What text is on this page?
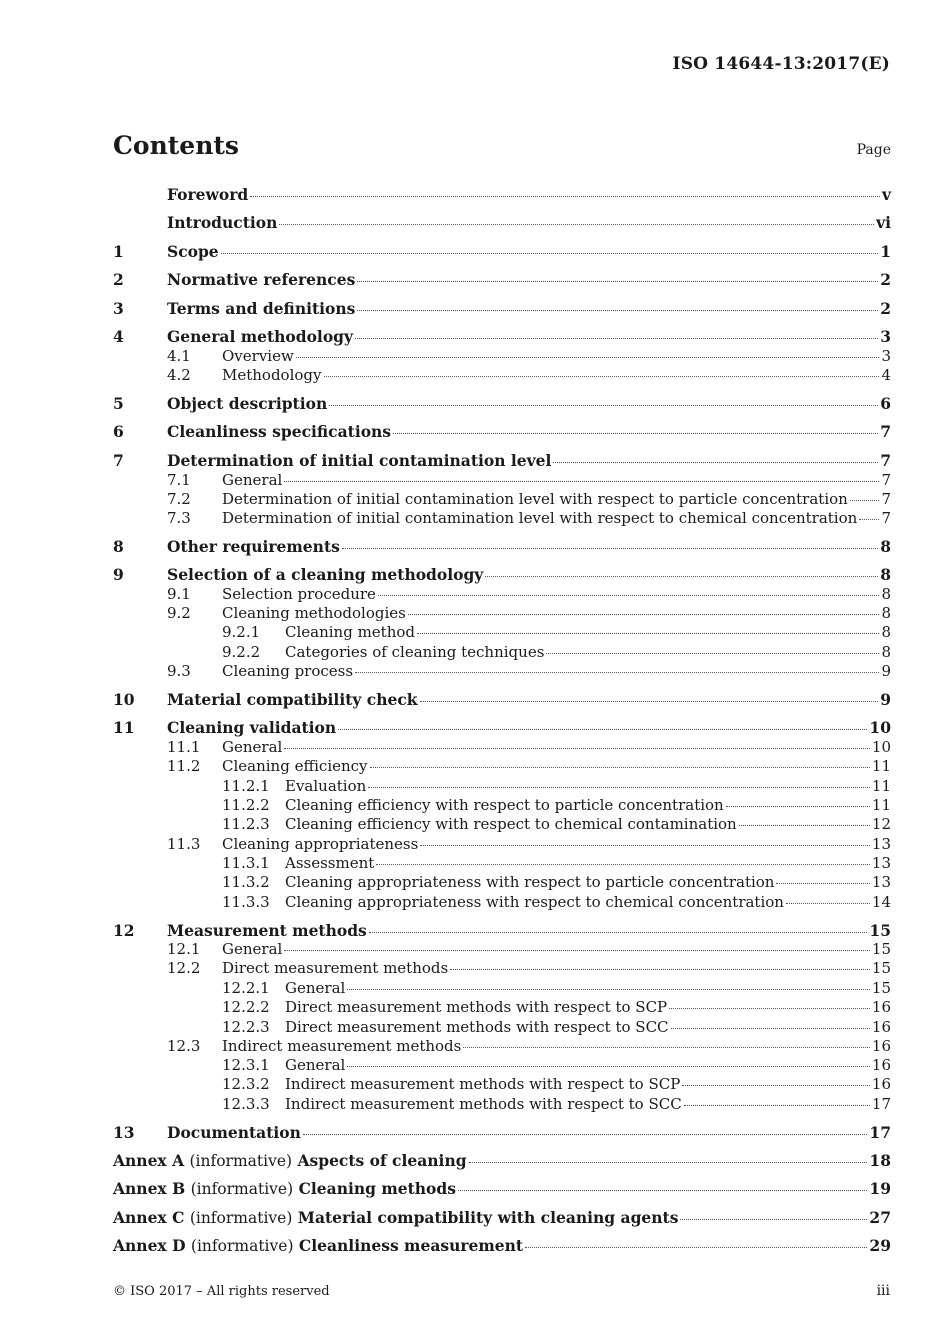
ISO 14644-13:2017(E)
Contents	Page
Foreword	v
Introduction	vi
1	Scope	1
2	Normative references	2
3	Terms and definitions	2
4	General methodology	3
4.1	Overview	3
4.2	Methodology	4
5	Object description	6
6	Cleanliness specifications	7
7	Determination of initial contamination level	7
7.1	General	7
7.2	Determination of initial contamination level with respect to particle concentration 7
7.3	Determination of initial contamination level with respect to chemical concentration 7
8	Other requirements	8
9	Selection of a cleaning methodology	8
9.1	Selection procedure	8
9.2	Cleaning methodologies	8
9.2.1	Cleaning method	8
9.2.2	Categories of cleaning techniques	8
9.3	Cleaning process	9
10	Material compatibility check	9
11	Cleaning validation	10
11.1	General	10
11.2	Cleaning efficiency	11
11.2.1	Evaluation	11
11.2.2	Cleaning efficiency with respect to particle concentration	11
11.2.3	Cleaning efficiency with respect to chemical contamination	12
11.3	Cleaning appropriateness	13
11.3.1	Assessment	13
11.3.2	Cleaning appropriateness with respect to particle concentration	13
11.3.3	Cleaning appropriateness with respect to chemical concentration	14
12	Measurement methods	15
12.1	General	15
12.2	Direct measurement methods	15
12.2.1	General	15
12.2.2	Direct measurement methods with respect to SCP	16
12.2.3	Direct measurement methods with respect to SCC	16
12.3	Indirect measurement methods	16
12.3.1	General	16
12.3.2	Indirect measurement methods with respect to SCP	16
12.3.3	Indirect measurement methods with respect to SCC	17
13	Documentation	17
Annex A (informative) Aspects of cleaning	18
Annex B (informative) Cleaning methods	19
Annex C (informative) Material compatibility with cleaning agents	27
Annex D (informative) Cleanliness measurement	29
© ISO 2017 – All rights reserved	iii
